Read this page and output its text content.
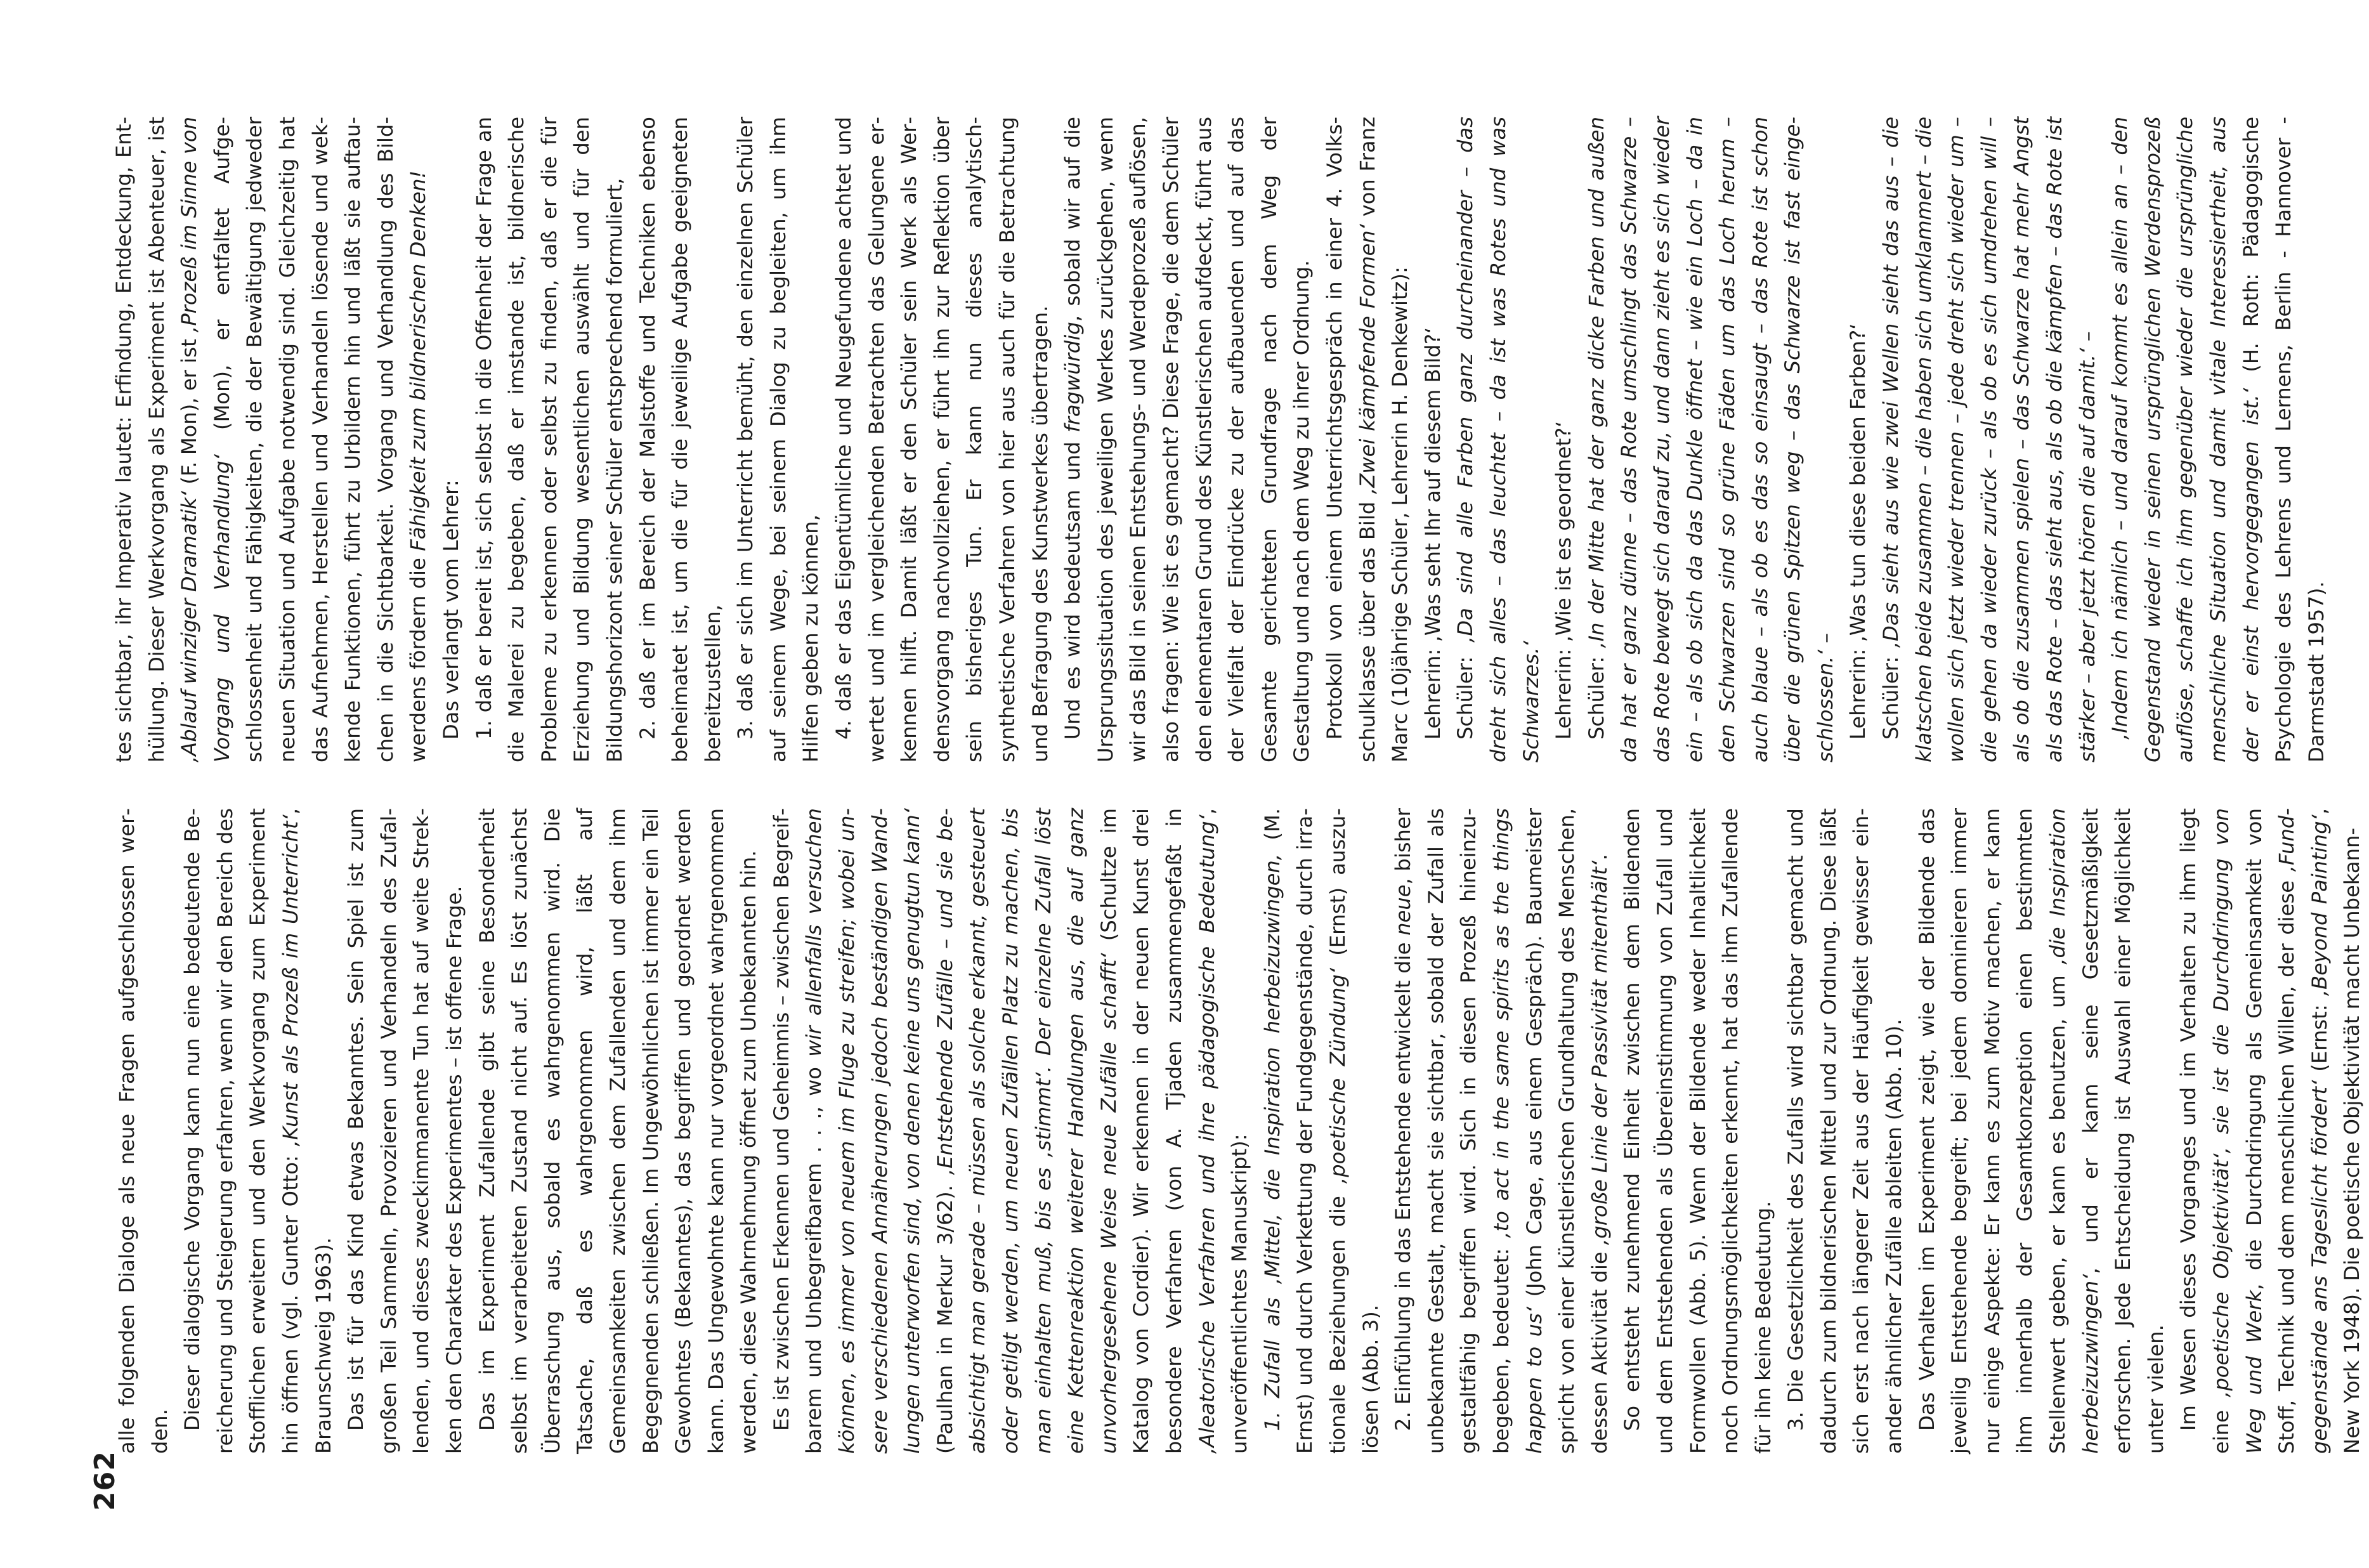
262

alle folgenden Dialoge als neue Fragen aufgeschlossen werden.

Dieser dialogische Vorgang kann nun eine bedeutende Bereicherung und Steigerung erfahren, wenn wir den Bereich des Stofflichen erweitern und den Werkvorgang zum Experiment hin öffnen (vgl. Gunter Otto: ‚Kunst als Prozeß im Unterricht‘, Braunschweig 1963). Das ist für das Kind etwas Bekanntes. Sein Spiel ist zum großen Teil Sammeln, Provozieren und Verhandeln des Zufallenden, und dieses zweckimmanente Tun hat auf weite Strekken den Charakter des Experimentes – ist offene Frage. Das im Experiment Zufallende gibt seine Besonderheit selbst im verarbeiteten Zustand nicht auf. Es löst zunächst Überraschung aus, sobald es wahrgenommen wird. Die Tatsache, daß es wahrgenommen wird, läßt auf Gemeinsamkeiten zwischen dem Zufallenden und dem ihm Begegnenden schließen. Im Ungewöhnlichen ist immer ein Teil Gewohntes (Bekanntes), das begriffen und geordnet werden kann. Das Ungewohnte kann nur vorgeordnet wahrgenommen werden, diese Wahrnehmung öffnet zum Unbekannten hin. Es ist zwischen Erkennen und Geheimnis – zwischen Begreifbarem und Unbegreifbarem . . ., wo wir allenfalls versuchen können, es immer von neuem im Fluge zu streifen; wobei unsere verschiedenen Annäherungen jedoch beständigen Wandlungen unterworfen sind, von denen keine uns genugtun kann‘ (Paulhan in Merkur 3/62). ‚Entstehende Zufälle – und sie beabsichtigt man gerade – müssen als solche erkannt, gesteuert oder getilgt werden, um neuen Zufällen Platz zu machen, bis man einhalten muß, bis es ‚stimmt‘. Der einzelne Zufall löst eine Kettenreaktion weiterer Handlungen aus, die auf ganz unvorhergesehene Weise neue Zufälle schafft‘ (Schultze im Katalog von Cordier). Wir erkennen in der neuen Kunst drei besondere Verfahren (von A. Tjaden zusammengefaßt in ‚Aleatorische Verfahren und ihre pädagogische Bedeutung‘, unveröffentlichtes Manuskript): 1. Zufall als ‚Mittel, die Inspiration herbeizuzwingen, (M. Ernst) und durch Verkettung der Fundgegenstände, durch irrationale Beziehungen die ‚poetische Zündung‘ (Ernst) auszulösen (Abb. 3). 2. Einfühlung in das Entstehende entwickelt die neue, bisher unbekannte Gestalt, macht sie sichtbar, sobald der Zufall als gestaltfähig begriffen wird. Sich in diesen Prozeß hineinzubegeben, bedeutet: ‚to act in the same spirits as the things happen to us‘ (John Cage, aus einem Gespräch). Baumeister spricht von einer künstlerischen Grundhaltung des Menschen, dessen Aktivität die ‚große Linie der Passivität mitenthält‘. So entsteht zunehmend Einheit zwischen dem Bildenden und dem Entstehenden als Übereinstimmung von Zufall und Formwollen (Abb. 5). Wenn der Bildende weder Inhaltlichkeit noch Ordnungsmöglichkeiten erkennt, hat das ihm Zufallende für ihn keine Bedeutung. 3. Die Gesetzlichkeit des Zufalls wird sichtbar gemacht und dadurch zum bildnerischen Mittel und zur Ordnung. Diese läßt sich erst nach längerer Zeit aus der Häufigkeit gewisser einander ähnlicher Zufälle ableiten (Abb. 10). Das Verhalten im Experiment zeigt, wie der Bildende das jeweilig Entstehende begreift; bei jedem dominieren immer nur einige Aspekte: Er kann es zum Motiv machen, er kann ihm innerhalb der Gesamtkonzeption einen bestimmten Stellenwert geben, er kann es benutzen, um ‚die Inspiration herbeizuzwingen‘, und er kann seine Gesetzmäßigkeit erforschen. Jede Entscheidung ist Auswahl einer Möglichkeit unter vielen. Im Wesen dieses Vorganges und im Verhalten zu ihm liegt eine ‚poetische Objektivität‘, sie ist die Durchdringung von Weg und Werk, die Durchdringung als Gemeinsamkeit von Stoff, Technik und dem menschlichen Willen, der diese ‚Fundgegenstände ans Tageslicht fördert‘ (Ernst: ‚Beyond Painting‘, New York 1948). Die poetische Objektivität macht Unbekann-

tes sichtbar, ihr Imperativ lautet: Erfindung, Entdeckung, Enthüllung. Dieser Werkvorgang als Experiment ist Abenteuer, ist ‚Ablauf winziger Dramatik‘ (F. Mon), er ist ‚Prozeß im Sinne von Vorgang und Verhandlung‘ (Mon), er entfaltet Aufgeschlossenheit und Fähigkeiten, die der Bewältigung jedweder neuen Situation und Aufgabe notwendig sind. Gleichzeitig hat das Aufnehmen, Herstellen und Verhandeln lösende und wekkende Funktionen, führt zu Urbildern hin und läßt sie auftauchen in die Sichtbarkeit. Vorgang und Verhandlung des Bildwerdens fördern die Fähigkeit zum bildnerischen Denken!

Das verlangt vom Lehrer: 1. daß er bereit ist, sich selbst in die Offenheit der Frage an die Malerei zu begeben, daß er imstande ist, bildnerische Probleme zu erkennen oder selbst zu finden, daß er die für Erziehung und Bildung wesentlichen auswählt und für den Bildungshorizont seiner Schüler entsprechend formuliert, 2. daß er im Bereich der Malstoffe und Techniken ebenso beheimatet ist, um die für die jeweilige Aufgabe geeigneten bereitzustellen, 3. daß er sich im Unterricht bemüht, den einzelnen Schüler auf seinem Wege, bei seinem Dialog zu begleiten, um ihm Hilfen geben zu können, 4. daß er das Eigentümliche und Neugefundene achtet und wertet und im vergleichenden Betrachten das Gelungene erkennen hilft. Damit läßt er den Schüler sein Werk als Werdensvorgang nachvollziehen, er führt ihn zur Reflektion über sein bisheriges Tun. Er kann nun dieses analytisch-synthetische Verfahren von hier aus auch für die Betrachtung und Befragung des Kunstwerkes übertragen. Und es wird bedeutsam und fragwürdig, sobald wir auf die Ursprungssituation des jeweiligen Werkes zurückgehen, wenn wir das Bild in seinen Entstehungs- und Werdeprozeß auflösen, also fragen: Wie ist es gemacht? Diese Frage, die dem Schüler den elementaren Grund des Künstlerischen aufdeckt, führt aus der Vielfalt der Eindrücke zu der aufbauenden und auf das Gesamte gerichteten Grundfrage nach dem Weg der Gestaltung und nach dem Weg zu ihrer Ordnung. Protokoll von einem Unterrichtsgespräch in einer 4. Volksschulklasse über das Bild ‚Zwei kämpfende Formen‘ von Franz Marc (10jährige Schüler, Lehrerin H. Denkewitz): Lehrerin: ‚Was seht Ihr auf diesem Bild?‘ Schüler: ‚Da sind alle Farben ganz durcheinander – das dreht sich alles – das leuchtet – da ist was Rotes und was Schwarzes.‘ Lehrerin: ‚Wie ist es geordnet?‘ Schüler: ‚In der Mitte hat der ganz dicke Farben und außen da hat er ganz dünne – das Rote umschlingt das Schwarze – das Rote bewegt sich darauf zu, und dann zieht es sich wieder ein – als ob sich da das Dunkle öffnet – wie ein Loch – da in den Schwarzen sind so grüne Fäden um das Loch herum – auch blaue – als ob es das so einsaugt – das Rote ist schon über die grünen Spitzen weg – das Schwarze ist fast eingeschlossen.‘ – Lehrerin: ‚Was tun diese beiden Farben?‘ Schüler: ‚Das sieht aus wie zwei Wellen sieht das aus – die klatschen beide zusammen – die haben sich umklammert – die wollen sich jetzt wieder trennen – jede dreht sich wieder um – die gehen da wieder zurück – als ob es sich umdrehen will – als ob die zusammen spielen – das Schwarze hat mehr Angst als das Rote – das sieht aus, als ob die kämpfen – das Rote ist stärker – aber jetzt hören die auf damit.‘ – ‚Indem ich nämlich – und darauf kommt es allein an – den Gegenstand wieder in seinen ursprünglichen Werdensprozeß auflöse, schaffe ich ihm gegenüber wieder die ursprüngliche menschliche Situation und damit vitale Interessiertheit, aus der er einst hervorgegangen ist.‘ (H. Roth: Pädagogische Psychologie des Lehrens und Lernens, Berlin - Hannover - Darmstadt 1957).
